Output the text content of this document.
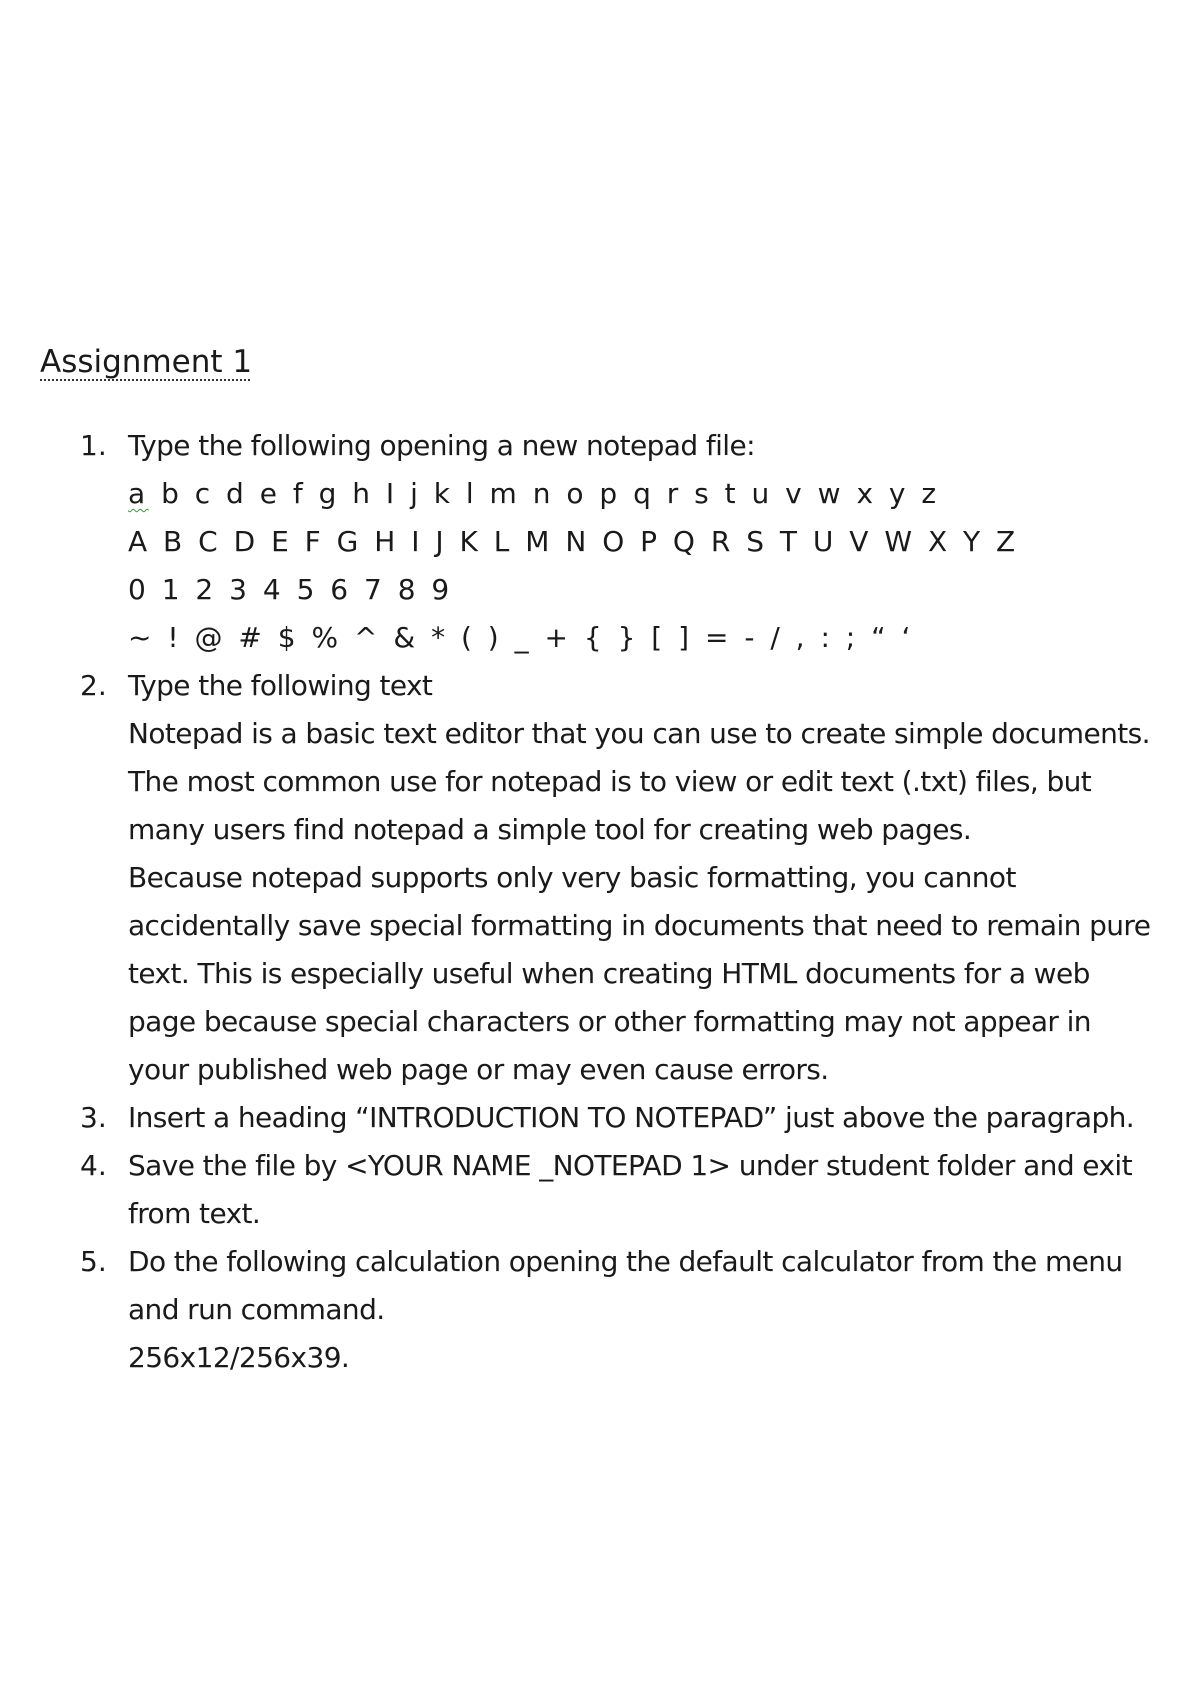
Assignment 1
1. Type the following opening a new notepad file:
a b c d e f g h I j k l m n o p q r s t u v w x y z
A B C D E F G H I J K L M N O P Q R S T U V W X Y Z
0 1 2 3 4 5 6 7 8 9
~ ! @ # $ % ^ & * ( ) _ + { } [ ] = - / , : ; “ ‘
2. Type the following text
Notepad is a basic text editor that you can use to create simple documents.
The most common use for notepad is to view or edit text (.txt) files, but
many users find notepad a simple tool for creating web pages.
Because notepad supports only very basic formatting, you cannot
accidentally save special formatting in documents that need to remain pure
text. This is especially useful when creating HTML documents for a web
page because special characters or other formatting may not appear in
your published web page or may even cause errors.
3. Insert a heading “INTRODUCTION TO NOTEPAD” just above the paragraph.
4. Save the file by <YOUR NAME _NOTEPAD 1> under student folder and exit
from text.
5. Do the following calculation opening the default calculator from the menu
and run command.
256x12/256x39.
